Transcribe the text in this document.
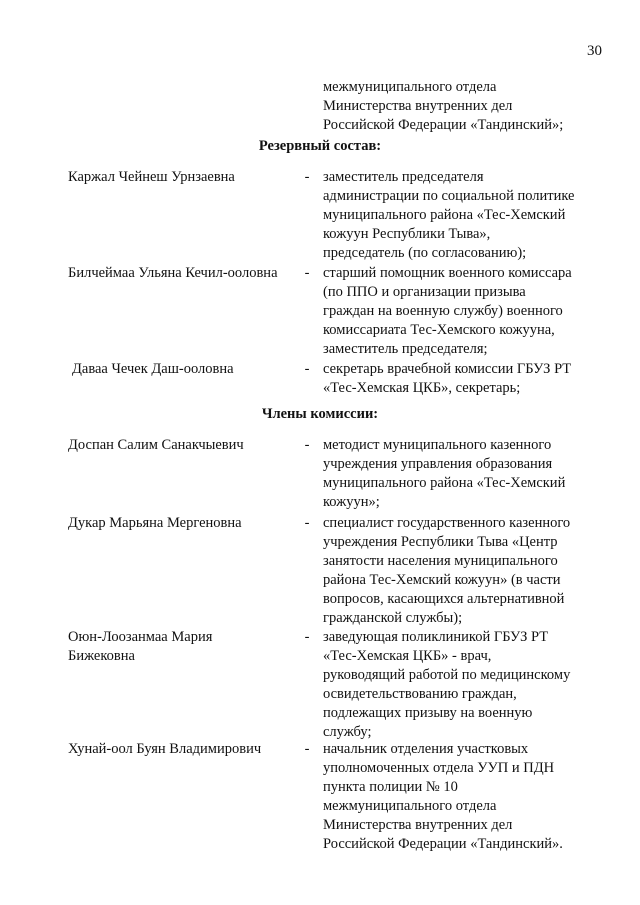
30
межмуниципального отдела
Министерства внутренних дел
Российской Федерации «Тандинский»;
Резервный состав:
Каржал Чейнеш Урнзаевна	- заместитель председателя
администрации по социальной политике
муниципального района «Тес-Хемский
кожуун Республики Тыва»,
председатель (по согласованию);
Билчеймаа Ульяна Кечил-ооловна	- старший помощник военного комиссара
(по ППО и организации призыва
граждан на военную службу) военного
комиссариата Тес-Хемского кожууна,
заместитель председателя;
Даваа Чечек Даш-ооловна	- секретарь врачебной комиссии ГБУЗ РТ
«Тес-Хемская ЦКБ», секретарь;
Члены комиссии:
Доспан Салим Санакчыевич	- методист муниципального казенного
учреждения управления образования
муниципального района «Тес-Хемский
кожуун»;
Дукар Марьяна Мергеновна	- специалист государственного казенного
учреждения Республики Тыва «Центр
занятости населения муниципального
района Тес-Хемский кожуун» (в части
вопросов, касающихся альтернативной
гражданской службы);
Оюн-Лоозанмаа Мария
Бижековна
- заведующая поликлиникой ГБУЗ РТ
«Тес-Хемская ЦКБ» - врач,
руководящий работой по медицинскому
освидетельствованию граждан,
подлежащих призыву на военную
службу;
Хунай-оол Буян Владимирович	- начальник отделения участковых
уполномоченных отдела УУП и ПДН
пункта полиции № 10
межмуниципального отдела
Министерства внутренних дел
Российской Федерации «Тандинский».
